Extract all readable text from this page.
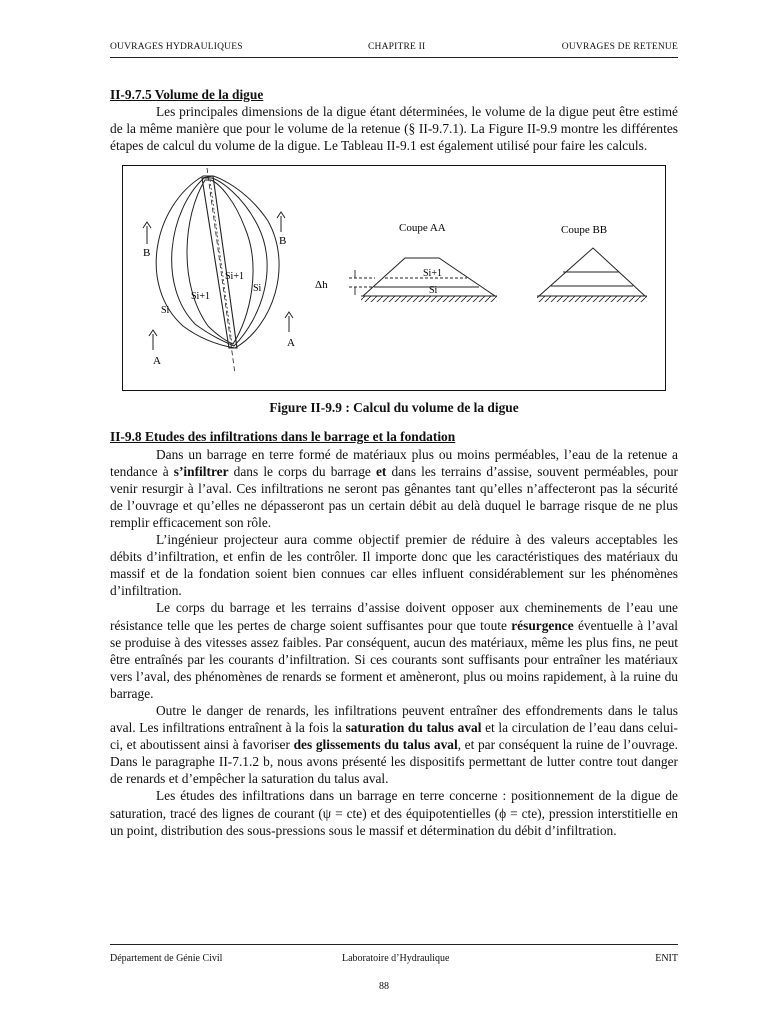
OUVRAGES HYDRAULIQUES	CHAPITRE II	OUVRAGES DE RETENUE

II-9.7.5 Volume de la digue

Les principales dimensions de la digue étant déterminées, le volume de la digue peut être estimé de la même manière que pour le volume de la retenue (§ II-9.7.1). La Figure II-9.9 montre les différentes étapes de calcul du volume de la digue. Le Tableau II-9.1 est également utilisé pour faire les calculs.

B
B
A
A
Si+1
Si+1
Si
Si
Coupe AA
Si+1
Si
Δh
Coupe BB
Figure II-9.9 : Calcul du volume de la digue

II-9.8 Etudes des infiltrations dans le barrage et la fondation

Dans un barrage en terre formé de matériaux plus ou moins perméables, l’eau de la retenue a tendance à s’infiltrer dans le corps du barrage et dans les terrains d’assise, souvent perméables, pour venir resurgir à l’aval. Ces infiltrations ne seront pas gênantes tant qu’elles n’affecteront pas la sécurité de l’ouvrage et qu’elles ne dépasseront pas un certain débit au delà duquel le barrage risque de ne plus remplir efficacement son rôle.

L’ingénieur projecteur aura comme objectif premier de réduire à des valeurs acceptables les débits d’infiltration, et enfin de les contrôler. Il importe donc que les caractéristiques des matériaux du massif et de la fondation soient bien connues car elles influent considérablement sur les phénomènes d’infiltration.

Le corps du barrage et les terrains d’assise doivent opposer aux cheminements de l’eau une résistance telle que les pertes de charge soient suffisantes pour que toute résurgence éventuelle à l’aval se produise à des vitesses assez faibles. Par conséquent, aucun des matériaux, même les plus fins, ne peut être entraînés par les courants d’infiltration. Si ces courants sont suffisants pour entraîner les matériaux vers l’aval, des phénomènes de renards se forment et amèneront, plus ou moins rapidement, à la ruine du barrage.

Outre le danger de renards, les infiltrations peuvent entraîner des effondrements dans le talus aval. Les infiltrations entraînent à la fois la saturation du talus aval et la circulation de l’eau dans celui-ci, et aboutissent ainsi à favoriser des glissements du talus aval, et par conséquent la ruine de l’ouvrage. Dans le paragraphe II-7.1.2 b, nous avons présenté les dispositifs permettant de lutter contre tout danger de renards et d’empêcher la saturation du talus aval.

Les études des infiltrations dans un barrage en terre concerne : positionnement de la digue de saturation, tracé des lignes de courant (ψ = cte) et des équipotentielles (ϕ = cte), pression interstitielle en un point, distribution des sous-pressions sous le massif et détermination du débit d’infiltration.

Département de Génie Civil	Laboratoire d’Hydraulique	ENIT
88
